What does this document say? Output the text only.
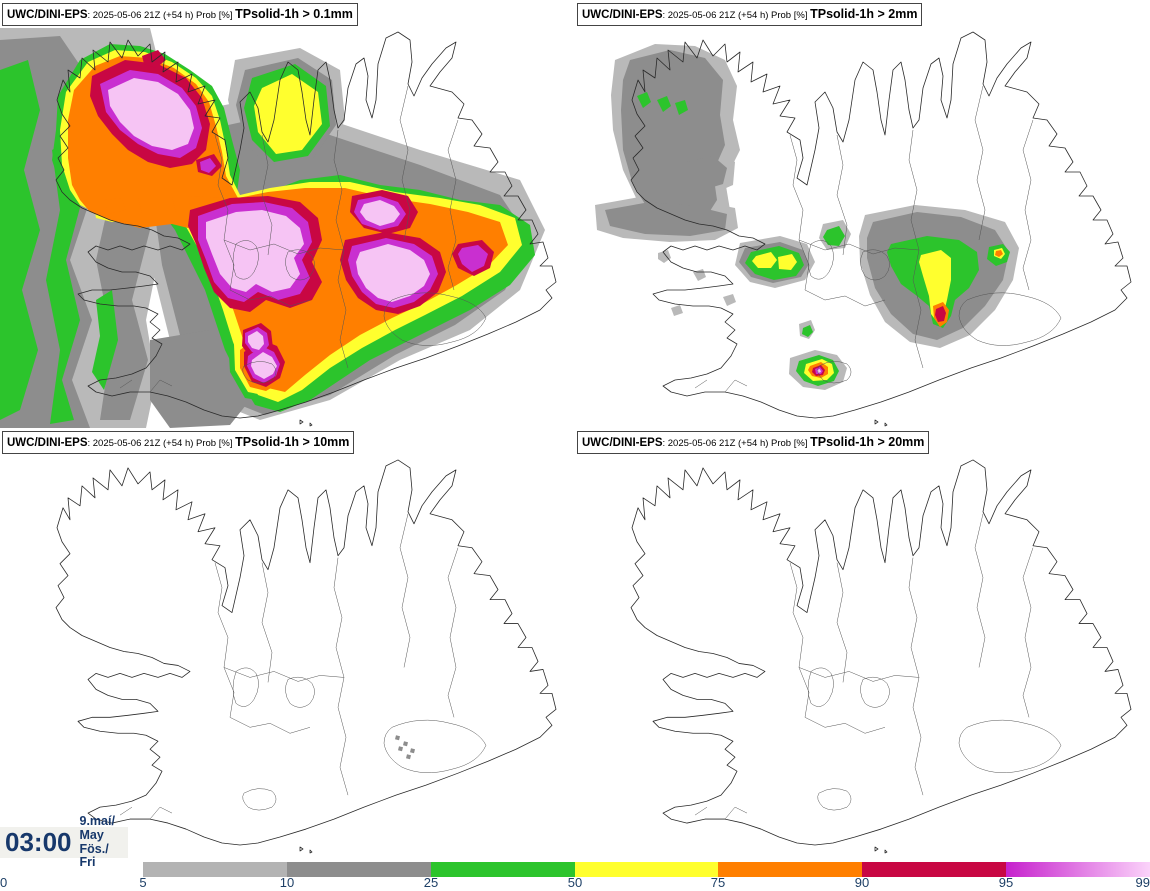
UWC/DINI-EPS: 2025-05-06 21Z (+54 h) Prob [%] TPsolid-1h > 0.1mm	UWC/DINI-EPS: 2025-05-06 21Z (+54 h) Prob [%] TPsolid-1h > 2mm
UWC/DINI-EPS: 2025-05-06 21Z (+54 h) Prob [%] TPsolid-1h > 10mm	UWC/DINI-EPS: 2025-05-06 21Z (+54 h) Prob [%] TPsolid-1h > 20mm
03:00
9.maí/ May
Fös./ Fri
0	5	10	25	50	75	90	95	99
